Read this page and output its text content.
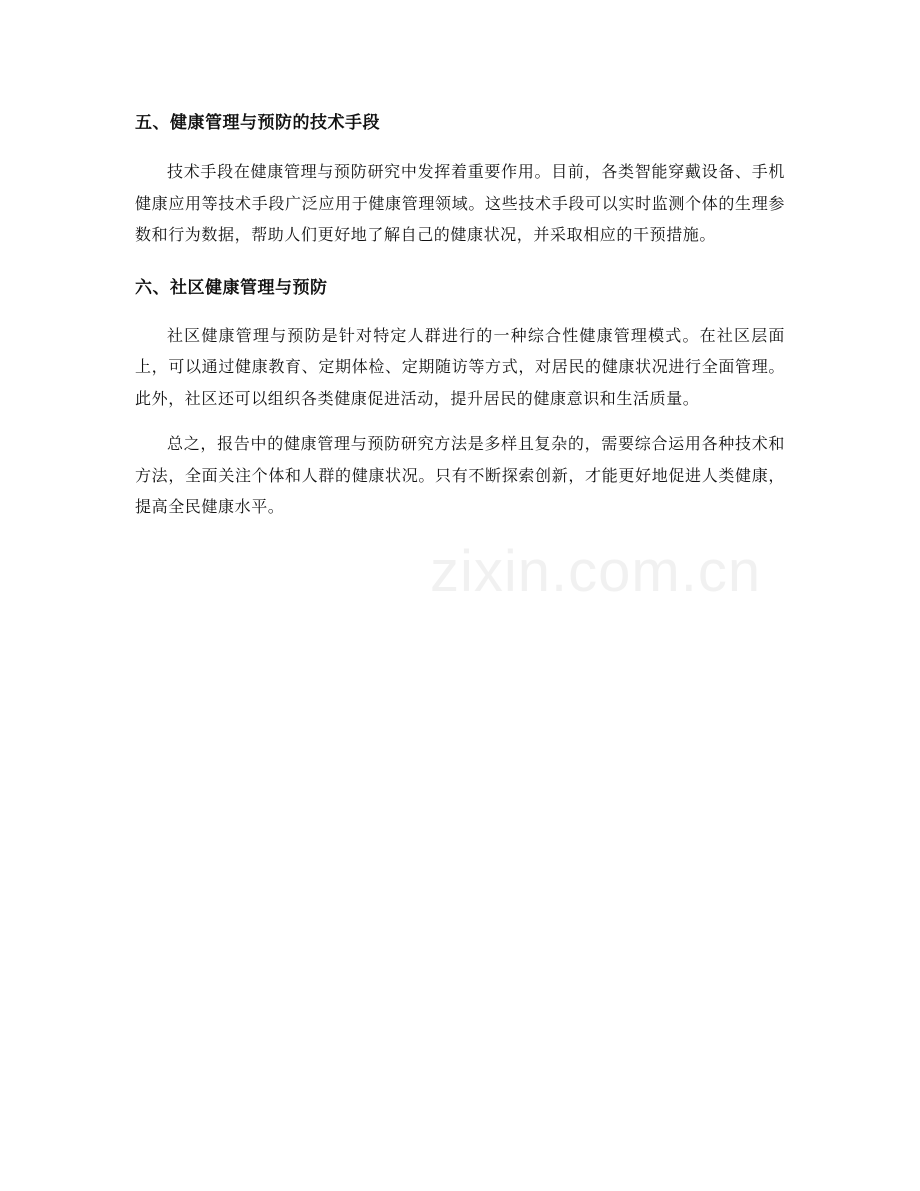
五、健康管理与预防的技术手段

技术手段在健康管理与预防研究中发挥着重要作用。目前，各类智能穿戴设备、手机健康应用等技术手段广泛应用于健康管理领域。这些技术手段可以实时监测个体的生理参数和行为数据，帮助人们更好地了解自己的健康状况，并采取相应的干预措施。

六、社区健康管理与预防

社区健康管理与预防是针对特定人群进行的一种综合性健康管理模式。在社区层面上，可以通过健康教育、定期体检、定期随访等方式，对居民的健康状况进行全面管理。此外，社区还可以组织各类健康促进活动，提升居民的健康意识和生活质量。

总之，报告中的健康管理与预防研究方法是多样且复杂的，需要综合运用各种技术和方法，全面关注个体和人群的健康状况。只有不断探索创新，才能更好地促进人类健康，提高全民健康水平。

zixin.com.cn
